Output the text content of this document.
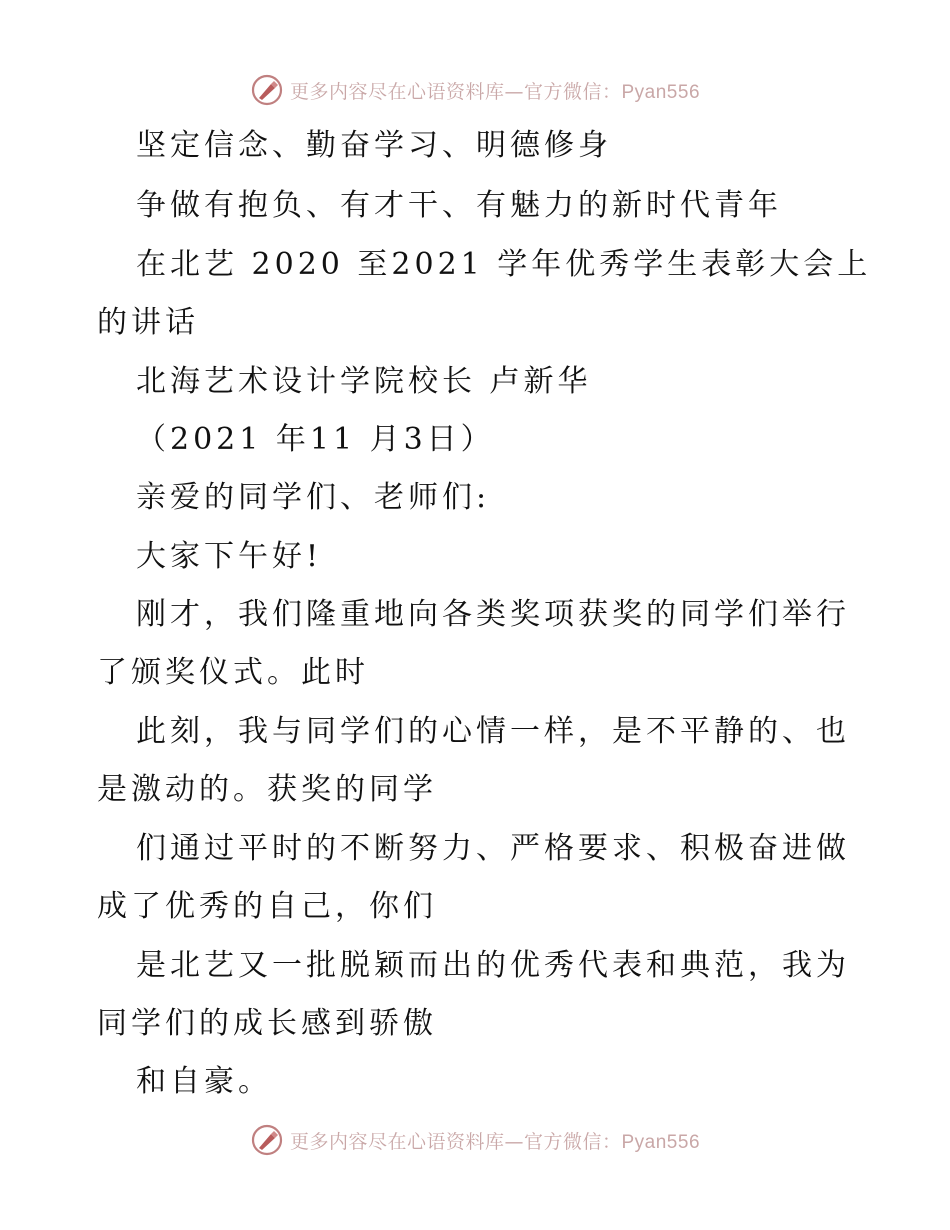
更多内容尽在心语资料库—官方微信：Pyan556
坚定信念、勤奋学习、明德修身
争做有抱负、有才干、有魅力的新时代青年
在北艺 2020 至2021 学年优秀学生表彰大会上
的讲话
北海艺术设计学院校长 卢新华
（2021 年11 月3日）
亲爱的同学们、老师们:
大家下午好!
刚才，我们隆重地向各类奖项获奖的同学们举行
了颁奖仪式。此时
此刻，我与同学们的心情一样，是不平静的、也
是激动的。获奖的同学
们通过平时的不断努力、严格要求、积极奋进做
成了优秀的自己，你们
是北艺又一批脱颖而出的优秀代表和典范，我为
同学们的成长感到骄傲
和自豪。
更多内容尽在心语资料库—官方微信：Pyan556
